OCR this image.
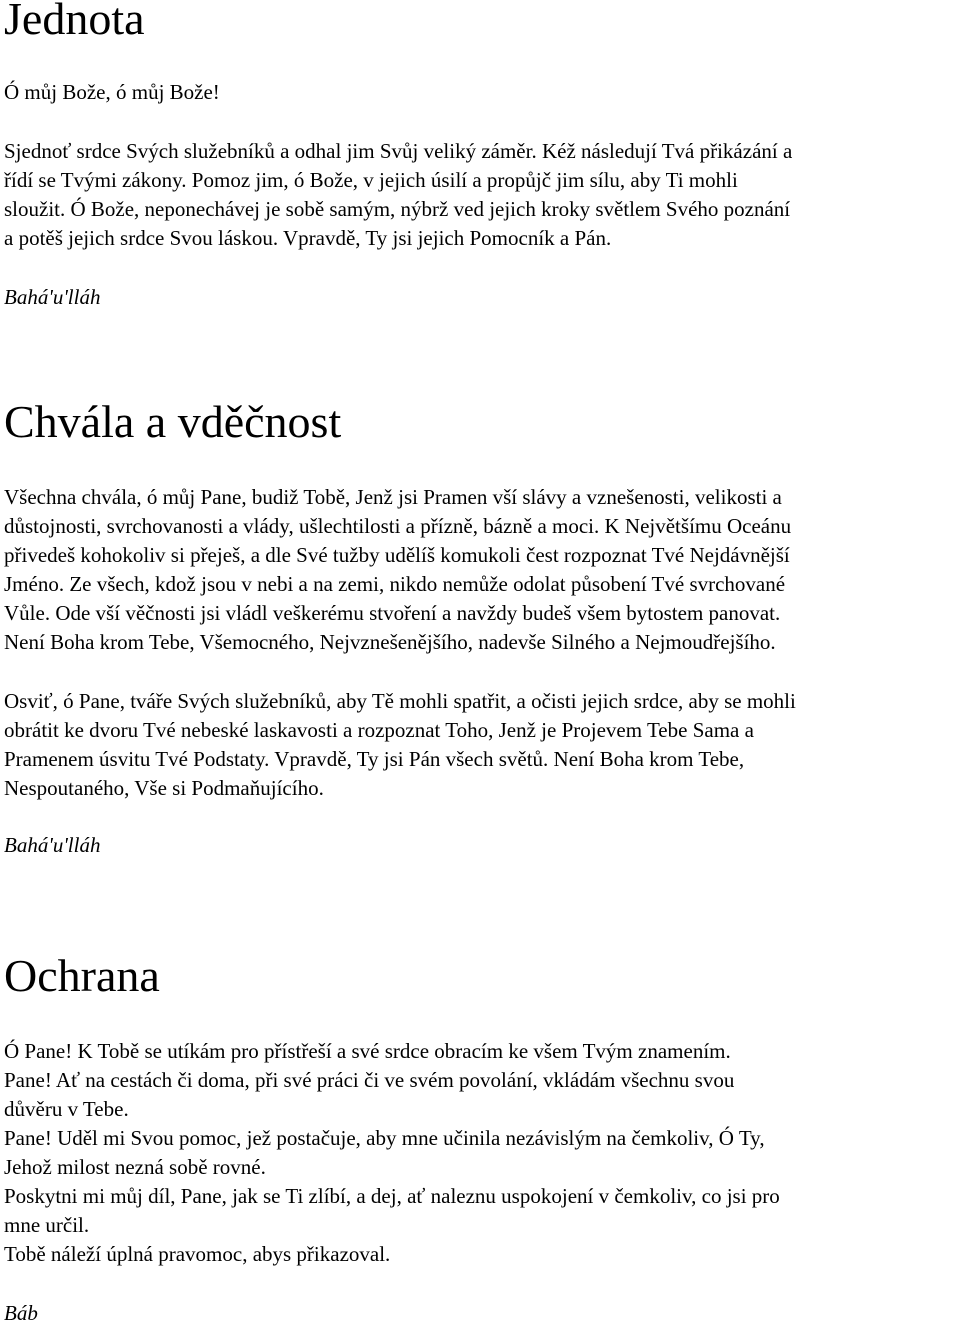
Jednota

Ó můj Bože, ó můj Bože!

Sjednoť srdce Svých služebníků a odhal jim Svůj veliký záměr. Kéž následují Tvá přikázání a
řídí se Tvými zákony. Pomoz jim, ó Bože, v jejich úsilí a propůjč jim sílu, aby Ti mohli
sloužit. Ó Bože, neponechávej je sobě samým, nýbrž ved jejich kroky světlem Svého poznání
a potěš jejich srdce Svou láskou. Vpravdě, Ty jsi jejich Pomocník a Pán.

Bahá'u'lláh

Chvála a vděčnost

Všechna chvála, ó můj Pane, budiž Tobě, Jenž jsi Pramen vší slávy a vznešenosti, velikosti a
důstojnosti, svrchovanosti a vlády, ušlechtilosti a přízně, bázně a moci. K Největšímu Oceánu
přivedeš kohokoliv si přeješ, a dle Své tužby udělíš komukoli čest rozpoznat Tvé Nejdávnější
Jméno. Ze všech, kdož jsou v nebi a na zemi, nikdo nemůže odolat působení Tvé svrchované
Vůle. Ode vší věčnosti jsi vládl veškerému stvoření a navždy budeš všem bytostem panovat.
Není Boha krom Tebe, Všemocného, Nejvznešenějšího, nadevše Silného a Nejmoudřejšího.

Osviť, ó Pane, tváře Svých služebníků, aby Tě mohli spatřit, a očisti jejich srdce, aby se mohli
obrátit ke dvoru Tvé nebeské laskavosti a rozpoznat Toho, Jenž je Projevem Tebe Sama a
Pramenem úsvitu Tvé Podstaty. Vpravdě, Ty jsi Pán všech světů. Není Boha krom Tebe,
Nespoutaného, Vše si Podmaňujícího.

Bahá'u'lláh

Ochrana

Ó Pane! K Tobě se utíkám pro přístřeší a své srdce obracím ke všem Tvým znamením.
Pane! Ať na cestách či doma, při své práci či ve svém povolání, vkládám všechnu svou
důvěru v Tebe.
Pane! Uděl mi Svou pomoc, jež postačuje, aby mne učinila nezávislým na čemkoliv, Ó Ty,
Jehož milost nezná sobě rovné.
Poskytni mi můj díl, Pane, jak se Ti zlíbí, a dej, ať naleznu uspokojení v čemkoliv, co jsi pro
mne určil.
Tobě náleží úplná pravomoc, abys přikazoval.

Báb
